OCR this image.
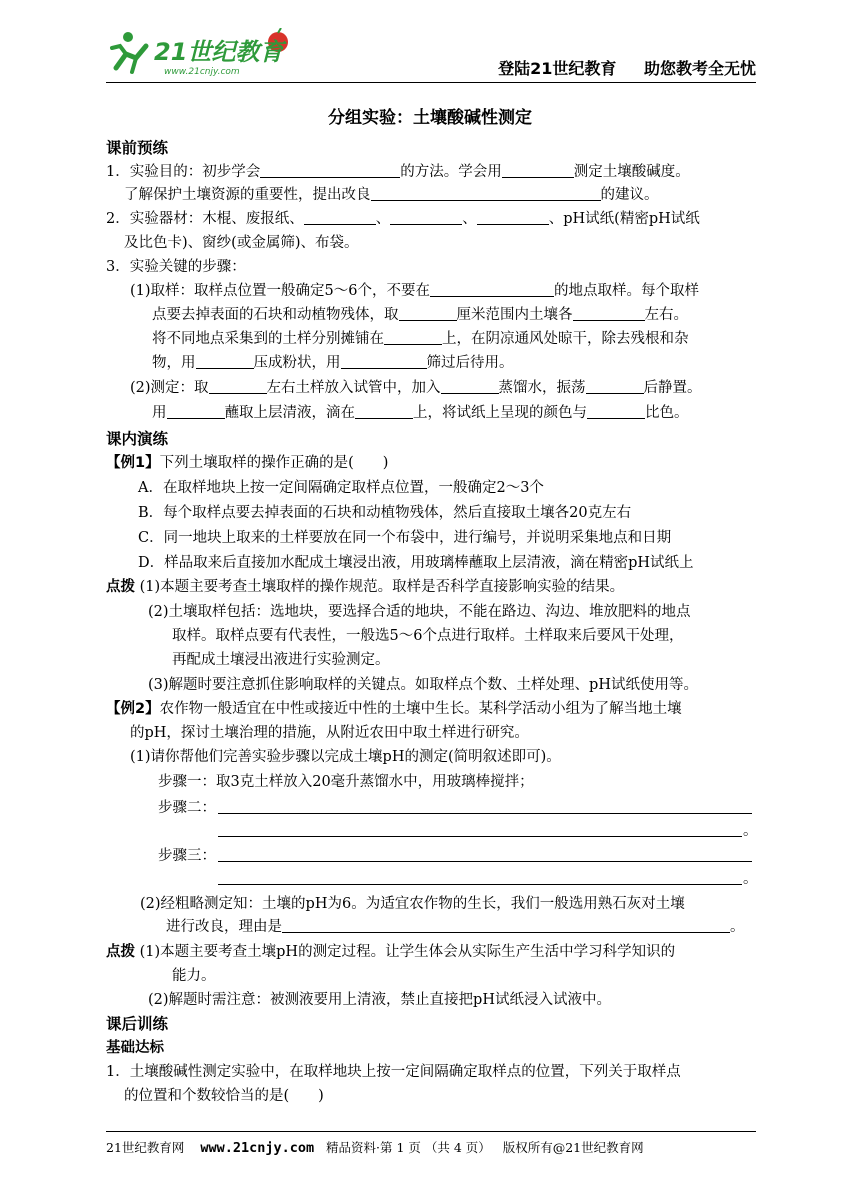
21世纪教育
www.21cnjy.com	登陆21世纪教育 助您教考全无忧
分组实验：土壤酸碱性测定
课前预练
1．实验目的：初步学会	的方法。学会用	测定土壤酸碱度。
了解保护土壤资源的重要性，提出改良	的建议。
2．实验器材：木棍、废报纸、	、	、	、pH试纸(精密pH试纸
及比色卡)、窗纱(或金属筛)、布袋。
3．实验关键的步骤：
(1)取样：取样点位置一般确定5～6个，不要在	的地点取样。每个取样
点要去掉表面的石块和动植物残体，取	厘米范围内土壤各	左右。
将不同地点采集到的土样分别摊铺在	上，在阴凉通风处晾干，除去残根和杂
物，用	压成粉状，用	筛过后待用。
(2)测定：取	左右土样放入试管中，加入	蒸馏水，振荡	后静置。
用	蘸取上层清液，滴在	上，将试纸上呈现的颜色与	比色。
课内演练
【例1】下列土壤取样的操作正确的是(　　)
A．在取样地块上按一定间隔确定取样点位置，一般确定2～3个
B．每个取样点要去掉表面的石块和动植物残体，然后直接取土壤各20克左右
C．同一地块上取来的土样要放在同一个布袋中，进行编号，并说明采集地点和日期
D．样品取来后直接加水配成土壤浸出液，用玻璃棒蘸取上层清液，滴在精密pH试纸上
点拨 (1)本题主要考查土壤取样的操作规范。取样是否科学直接影响实验的结果。
(2)土壤取样包括：选地块，要选择合适的地块，不能在路边、沟边、堆放肥料的地点
取样。取样点要有代表性，一般选5～6个点进行取样。土样取来后要风干处理，
再配成土壤浸出液进行实验测定。
(3)解题时要注意抓住影响取样的关键点。如取样点个数、土样处理、pH试纸使用等。
【例2】农作物一般适宜在中性或接近中性的土壤中生长。某科学活动小组为了解当地土壤
的pH，探讨土壤治理的措施，从附近农田中取土样进行研究。
(1)请你帮他们完善实验步骤以完成土壤pH的测定(简明叙述即可)。
步骤一：取3克土样放入20毫升蒸馏水中，用玻璃棒搅拌；
步骤二：
。
步骤三：
。
(2)经粗略测定知：土壤的pH为6。为适宜农作物的生长，我们一般选用熟石灰对土壤
进行改良，理由是	。
点拨 (1)本题主要考查土壤pH的测定过程。让学生体会从实际生产生活中学习科学知识的
能力。
(2)解题时需注意：被测液要用上清液，禁止直接把pH试纸浸入试液中。
课后训练
基础达标
1．土壤酸碱性测定实验中，在取样地块上按一定间隔确定取样点的位置，下列关于取样点
的位置和个数较恰当的是(　　)
21世纪教育网 www.21cnjy.com 精品资料·第 1 页 （共 4 页） 版权所有@21世纪教育网
